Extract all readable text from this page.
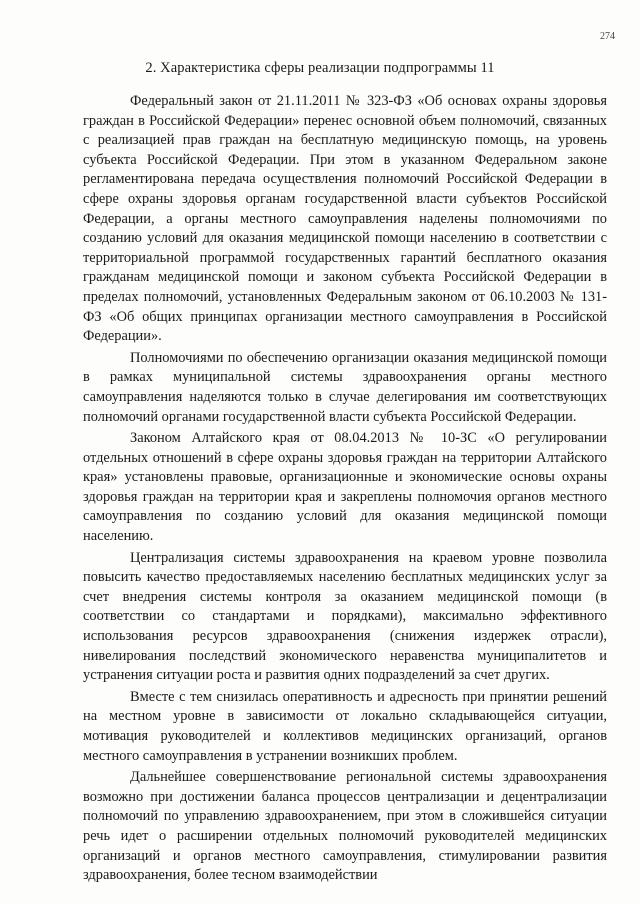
274
2. Характеристика сферы реализации подпрограммы 11

Федеральный закон от 21.11.2011 № 323-ФЗ «Об основах охраны здоровья граждан в Российской Федерации» перенес основной объем полномочий, связанных с реализацией прав граждан на бесплатную медицинскую помощь, на уровень субъекта Российской Федерации. При этом в указанном Федеральном законе регламентирована передача осуществления полномочий Российской Федерации в сфере охраны здоровья органам государственной власти субъектов Российской Федерации, а органы местного самоуправления наделены полномочиями по созданию условий для оказания медицинской помощи населению в соответствии с территориальной программой государственных гарантий бесплатного оказания гражданам медицинской помощи и законом субъекта Российской Федерации в пределах полномочий, установленных Федеральным законом от 06.10.2003 № 131-ФЗ «Об общих принципах организации местного самоуправления в Российской Федерации».

Полномочиями по обеспечению организации оказания медицинской помощи в рамках муниципальной системы здравоохранения органы местного самоуправления наделяются только в случае делегирования им соответствующих полномочий органами государственной власти субъекта Российской Федерации.

Законом Алтайского края от 08.04.2013 № 10-ЗС «О регулировании отдельных отношений в сфере охраны здоровья граждан на территории Алтайского края» установлены правовые, организационные и экономические основы охраны здоровья граждан на территории края и закреплены полномочия органов местного самоуправления по созданию условий для оказания медицинской помощи населению.

Централизация системы здравоохранения на краевом уровне позволила повысить качество предоставляемых населению бесплатных медицинских услуг за счет внедрения системы контроля за оказанием медицинской помощи (в соответствии со стандартами и порядками), максимально эффективного использования ресурсов здравоохранения (снижения издержек отрасли), нивелирования последствий экономического неравенства муниципалитетов и устранения ситуации роста и развития одних подразделений за счет других.

Вместе с тем снизилась оперативность и адресность при принятии решений на местном уровне в зависимости от локально складывающейся ситуации, мотивация руководителей и коллективов медицинских организаций, органов местного самоуправления в устранении возникших проблем.

Дальнейшее совершенствование региональной системы здравоохранения возможно при достижении баланса процессов централизации и децентрализации полномочий по управлению здравоохранением, при этом в сложившейся ситуации речь идет о расширении отдельных полномочий руководителей медицинских организаций и органов местного самоуправления, стимулировании развития здравоохранения, более тесном взаимодействии
